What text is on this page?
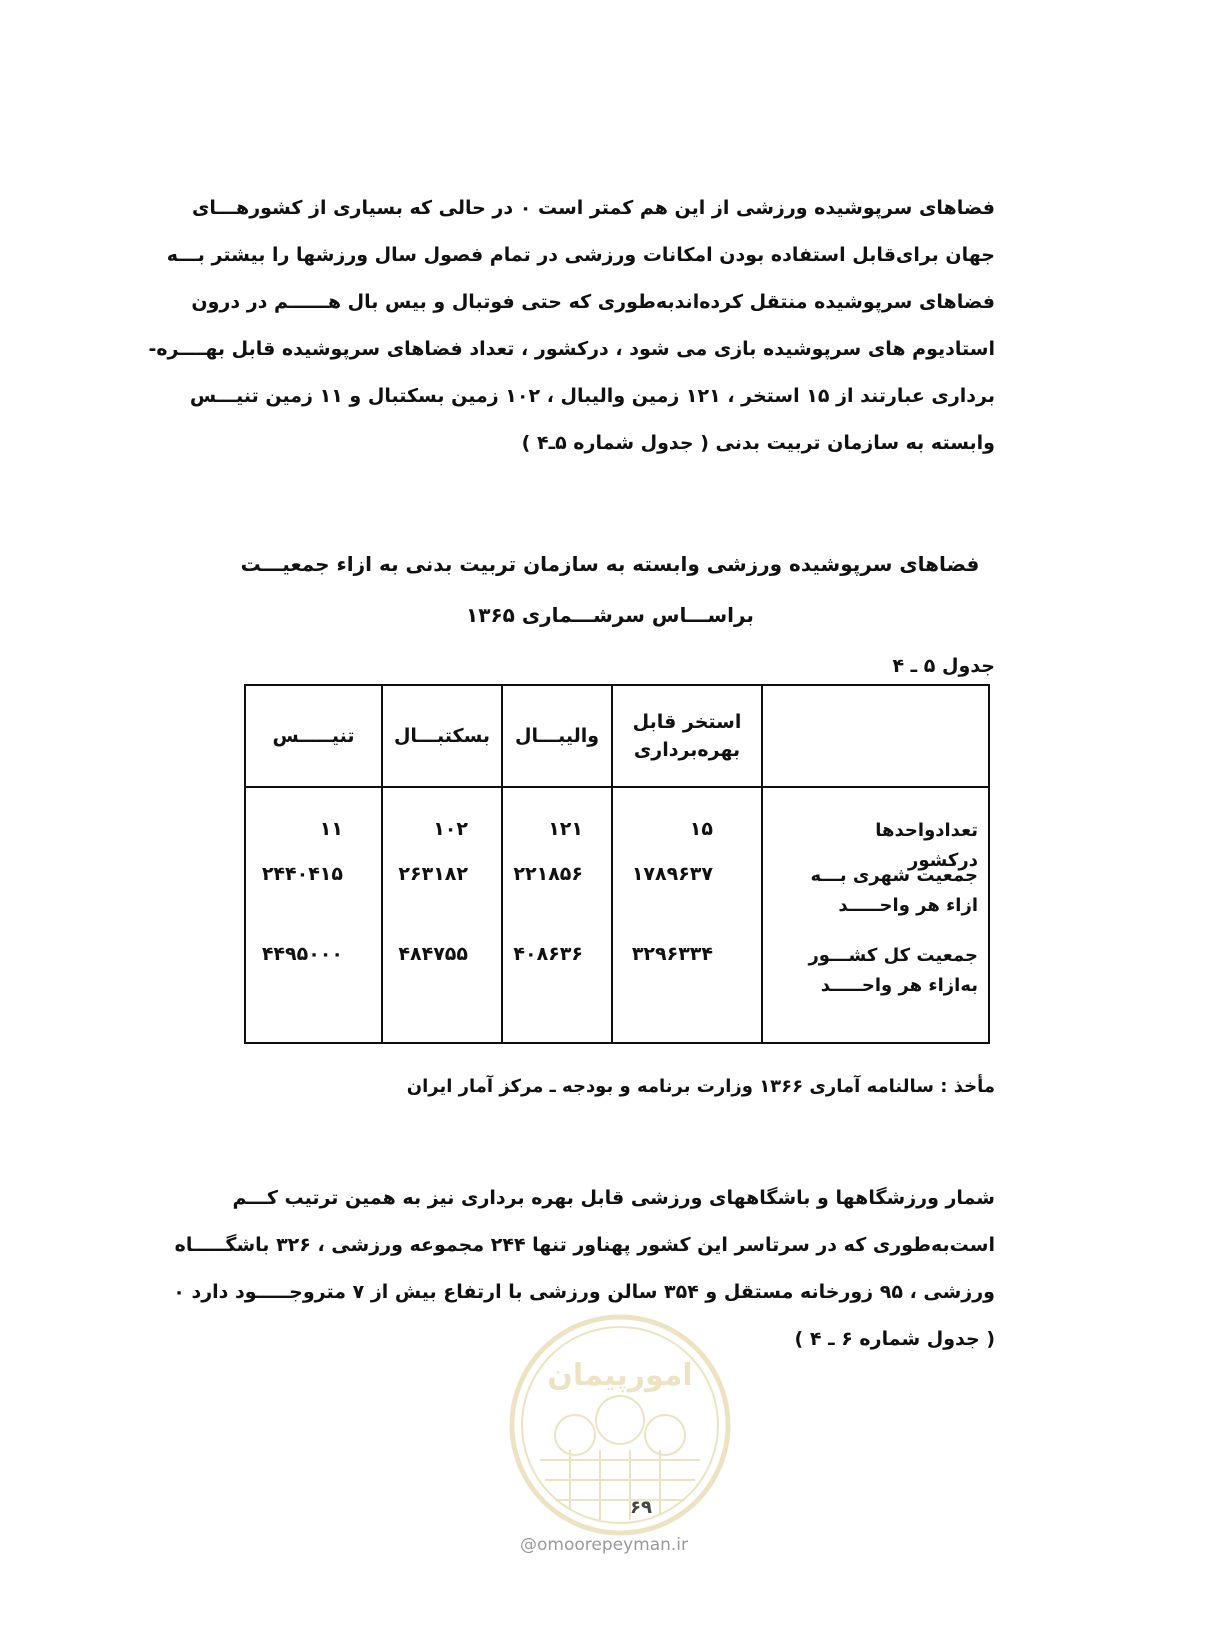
فضاهای سرپوشیده ورزشی از این هم کمتر است ۰ در حالی که بسیاری از کشورهـــای
جهان برای‌قابل استفاده بودن امکانات ورزشی در تمام فصول سال ورزشها را بیشتر بـــه
فضاهای سرپوشیده منتقل کرده‌اندبه‌طوری که حتی فوتبال و بیس بال هــــــم در درون
استادیوم های سرپوشیده بازی می شود ، درکشور ، تعداد فضاهای سرپوشیده قابل بهــــره‌-
برداری عبارتند از ۱۵ استخر ، ۱۲۱ زمین والیبال ، ۱۰۲ زمین بسکتبال و ۱۱ زمین تنیـــس
وابسته به سازمان تربیت بدنی ( جدول شماره ۵ـ۴ )
فضاهای سرپوشیده ورزشی وابسته به سازمان تربیت بدنی به ازاء جمعیـــت
براســـاس سرشـــماری ۱۳۶۵
جدول ۵ ـ ۴
استخر قابل بهره‌برداری
والیبـــال
بسکتبـــال
تنیـــــس
تعدادواحدها درکشور
جمعیت شهری بـــه ازاء هر واحـــــد
جمعیت کل کشـــور به‌ازاء هر واحـــــد
۱۵
۱۲۱
۱۰۲
۱۱
۱۷۸۹۶۳۷
۲۲۱۸۵۶
۲۶۳۱۸۲
۲۴۴۰۴۱۵
۳۲۹۶۳۳۴
۴۰۸۶۳۶
۴۸۴۷۵۵
۴۴۹۵۰۰۰
مأخذ : سالنامه آماری ۱۳۶۶ وزارت برنامه و بودجه ـ مرکز آمار ایران
شمار ورزشگاهها و باشگاههای ورزشی قابل بهره برداری نیز به همین ترتیب کـــم
است‌به‌طوری که در سرتاسر این کشور پهناور تنها ۲۴۴ مجموعه ورزشی ، ۳۲۶ باشگـــــاه
ورزشی ، ۹۵ زورخانه مستقل و ۳۵۴ سالن ورزشی با ارتفاع بیش از ۷ متروجـــــود دارد ۰
( جدول شماره ۶ ـ ۴ )
امورپیمان
۶۹
@omoorepeyman.ir
